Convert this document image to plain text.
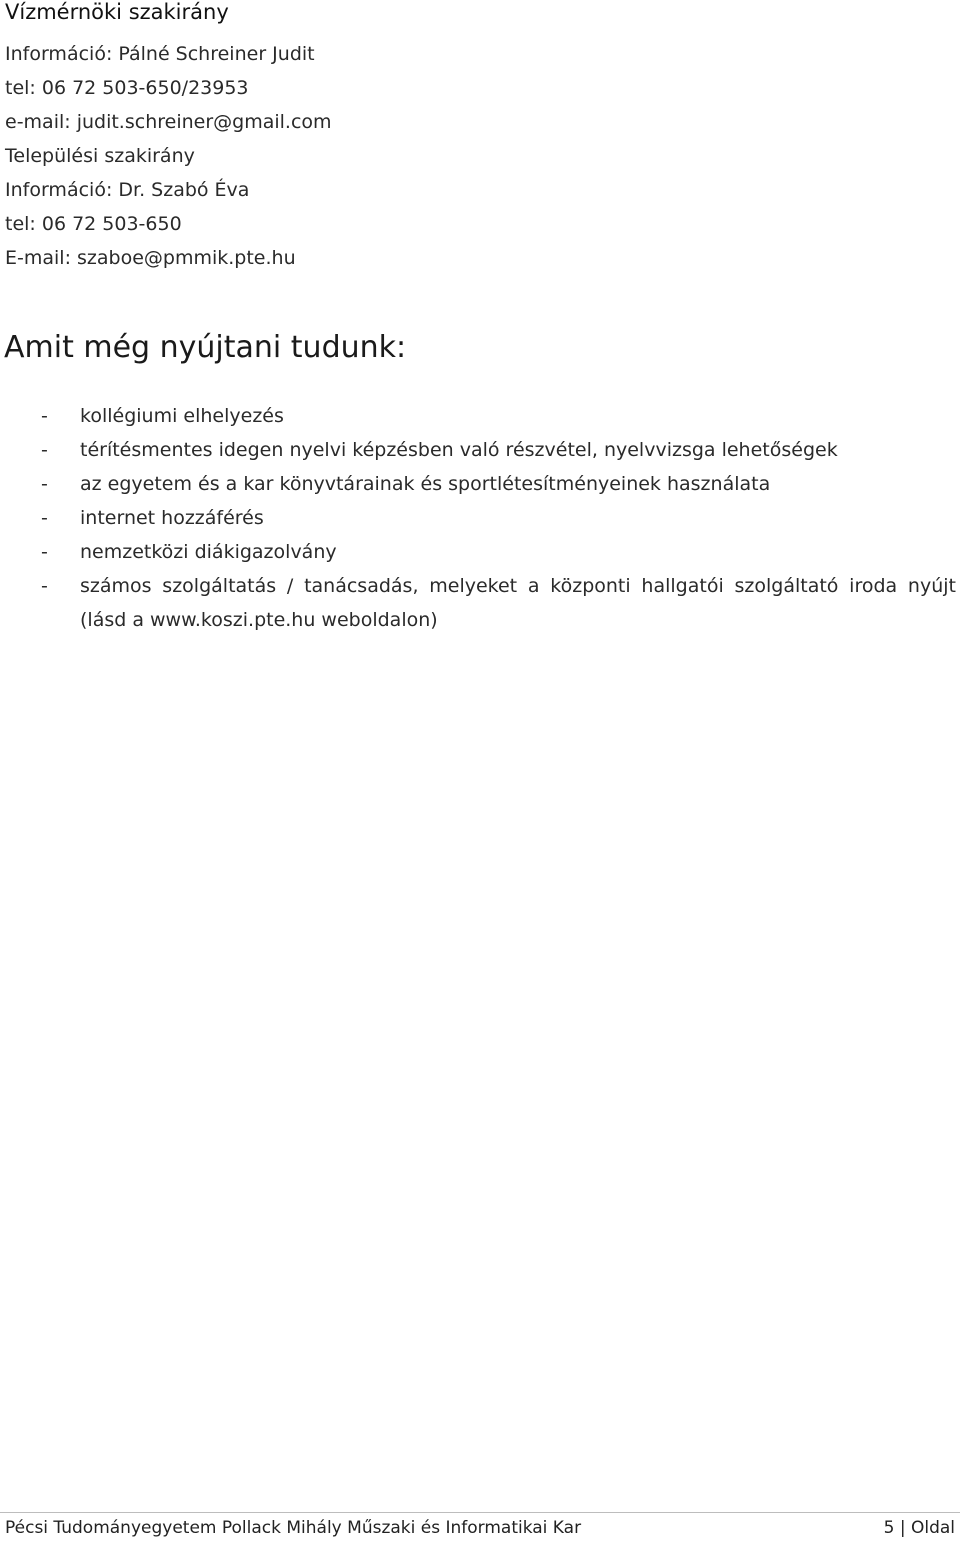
Vízmérnöki szakirány
Információ: Pálné Schreiner Judit
tel: 06 72 503-650/23953
e-mail: judit.schreiner@gmail.com
Települési szakirány
Információ: Dr. Szabó Éva
tel: 06 72 503-650
E-mail: szaboe@pmmik.pte.hu
Amit még nyújtani tudunk:
- kollégiumi elhelyezés
- térítésmentes idegen nyelvi képzésben való részvétel, nyelvvizsga lehetőségek
- az egyetem és a kar könyvtárainak és sportlétesítményeinek használata
- internet hozzáférés
- nemzetközi diákigazolvány
- számos szolgáltatás / tanácsadás, melyeket a központi hallgatói szolgáltató iroda nyújt (lásd a www.koszi.pte.hu weboldalon)
Pécsi Tudományegyetem Pollack Mihály Műszaki és Informatikai Kar	5 | Oldal
